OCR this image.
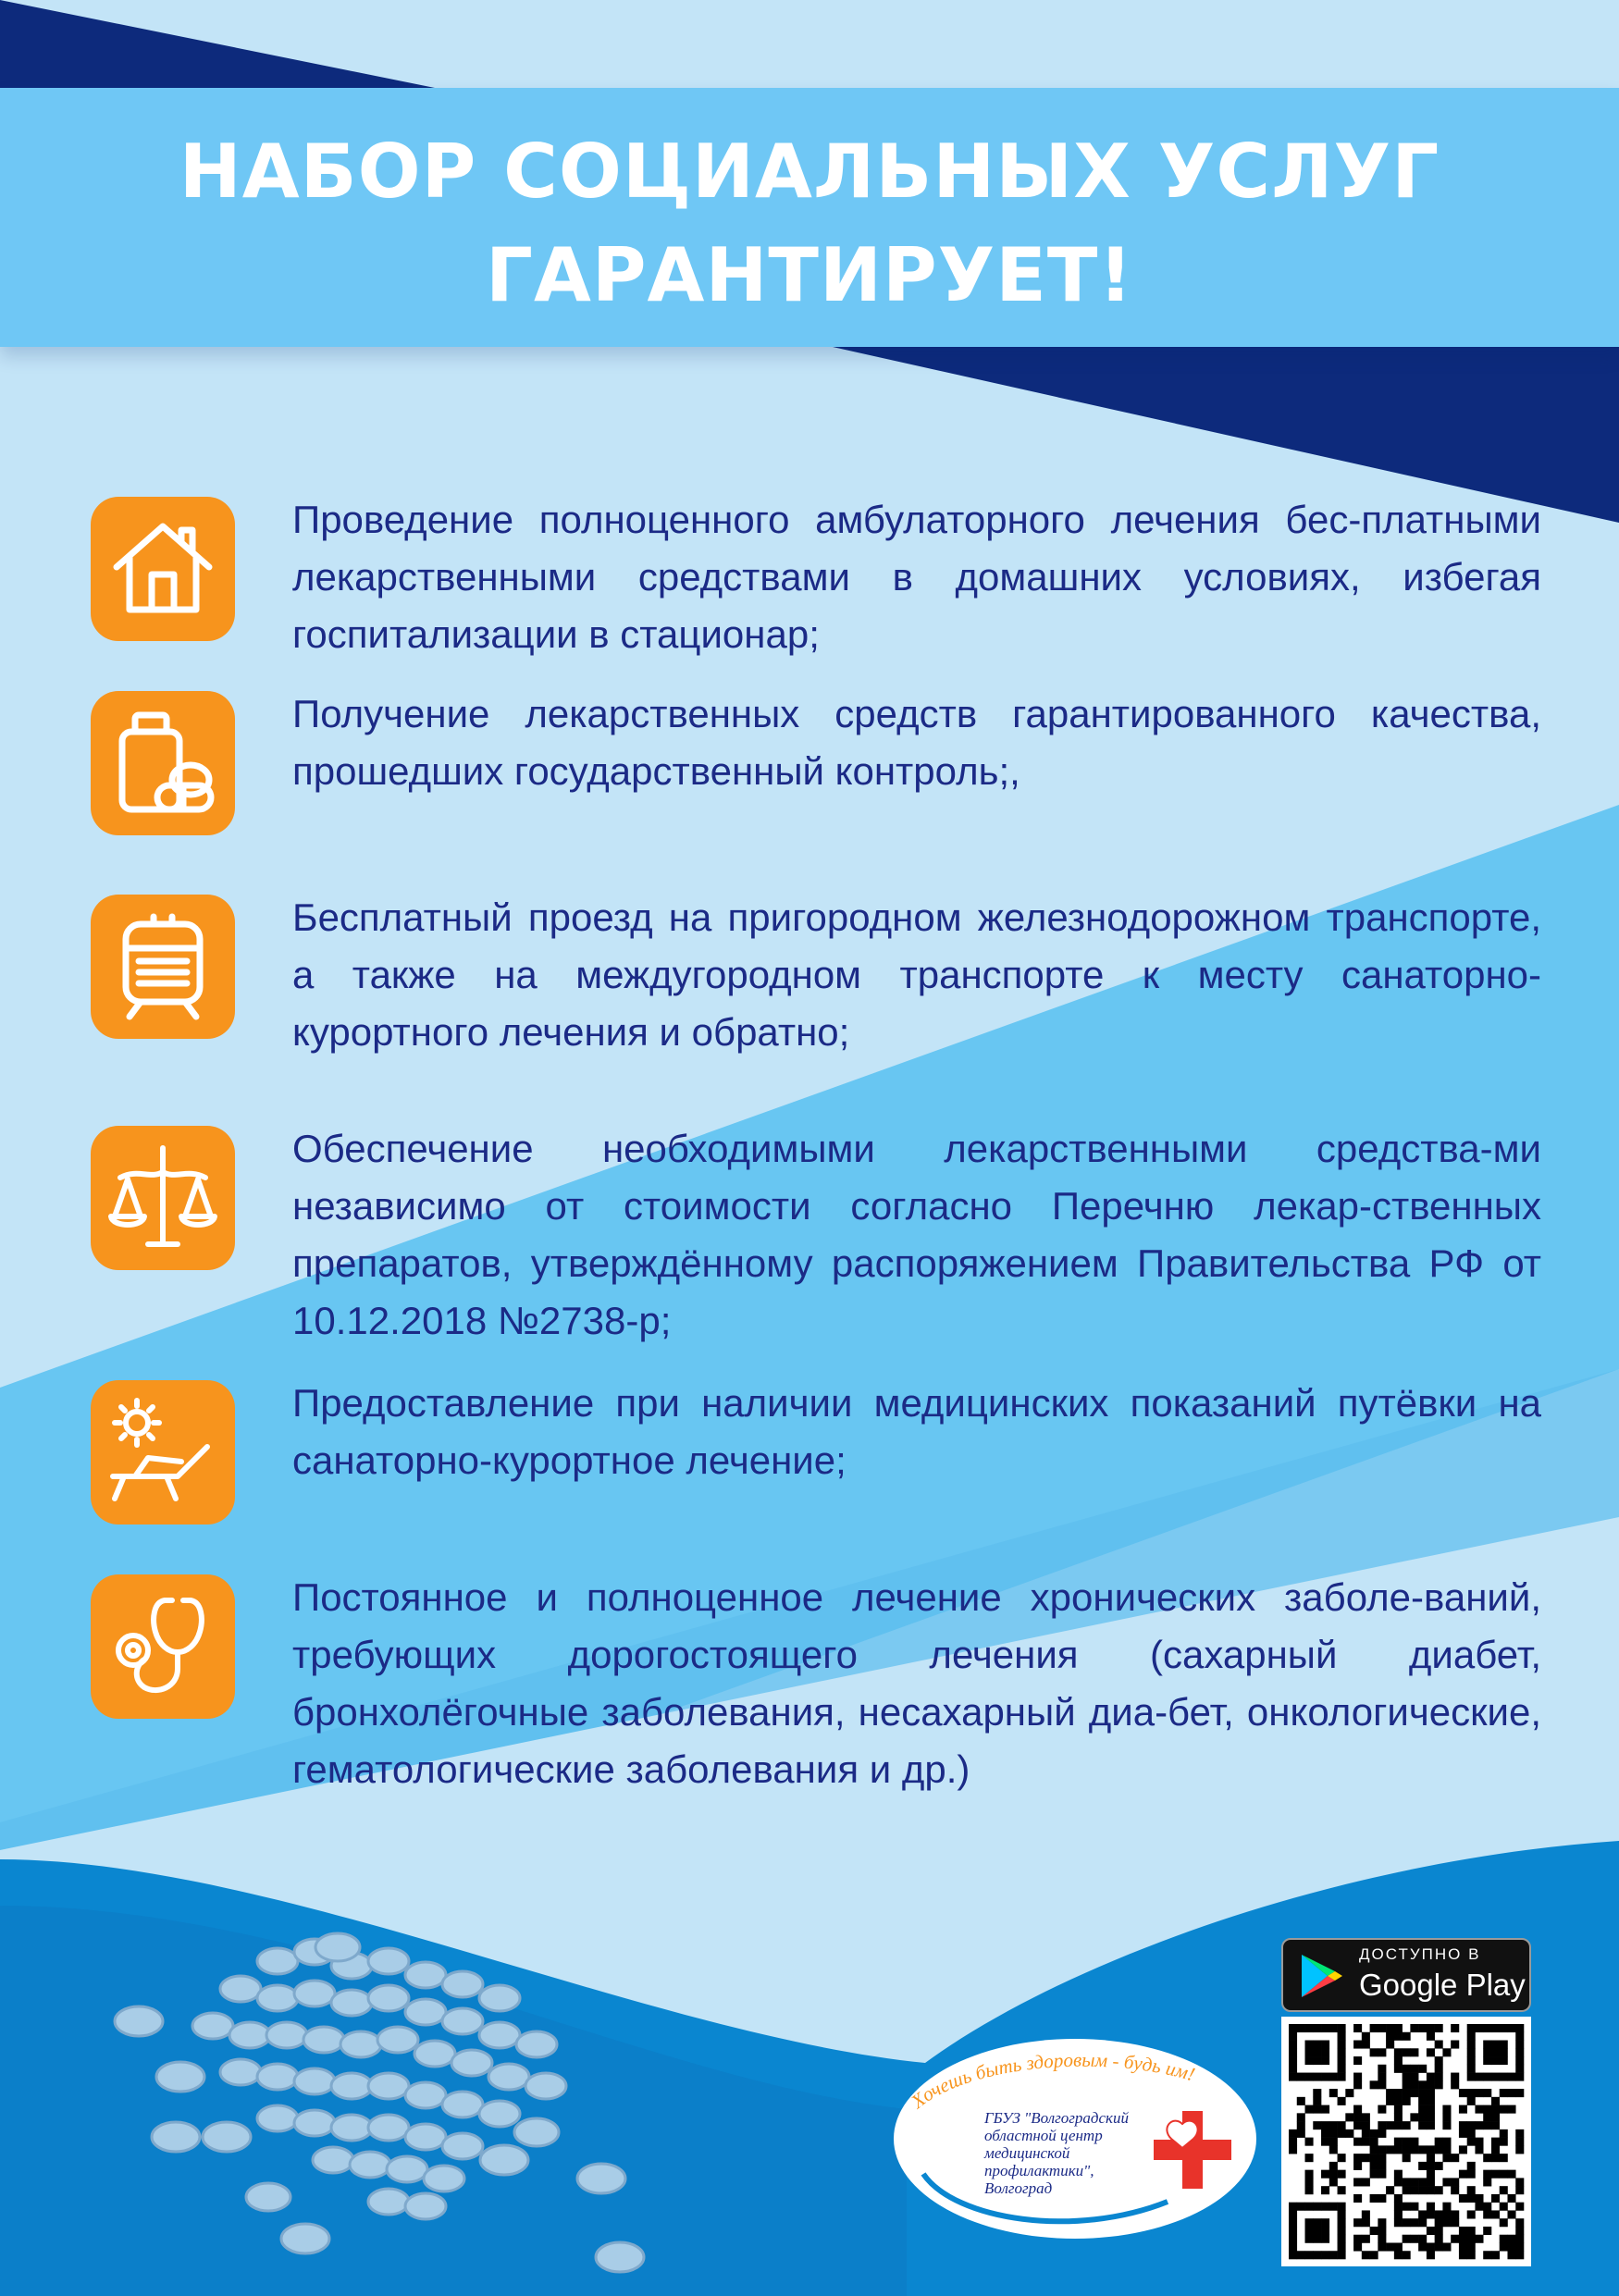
НАБОР СОЦИАЛЬНЫХ УСЛУГ
ГАРАНТИРУЕТ!

Проведение полноценного амбулаторного лечения бес-платными лекарственными средствами в домашних условиях, избегая госпитализации в стационар;

Получение лекарственных средств гарантированного качества, прошедших государственный контроль;,

Бесплатный проезд на пригородном железнодорожном транспорте, а также на междугородном транспорте к месту санаторно-курортного лечения и обратно;

Обеспечение необходимыми лекарственными средства-ми независимо от стоимости согласно Перечню лекар-ственных препаратов, утверждённому распоряжением Правительства РФ от 10.12.2018 №2738-р;

Предоставление при наличии медицинских показаний путёвки на санаторно-курортное лечение;

Постоянное и полноценное лечение хронических заболе-ваний, требующих дорогостоящего лечения (сахарный диабет, бронхолёгочные заболевания, несахарный диа-бет, онкологические, гематологические заболевания и др.)

Хочешь быть здоровым - будь им!

ГБУЗ "Волгоградский областной центр медицинской профилактики", Волгоград

ДОСТУПНО В
Google Play
